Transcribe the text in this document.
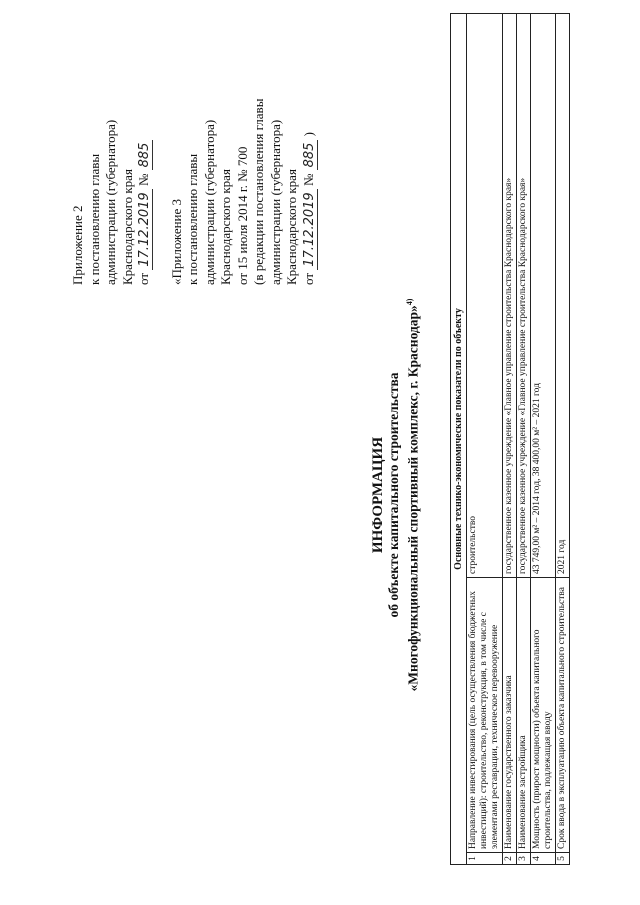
Приложение 2 к постановлению главы администрации (губернатора) Краснодарского края от 17.12.2019 № 885
«Приложение 3 к постановлению главы администрации (губернатора) Краснодарского края от 15 июля 2014 г. № 700 (в редакции постановления главы администрации (губернатора) Краснодарского края от 17.12.2019 № 885 )
ИНФОРМАЦИЯ об объекте капитального строительства «Многофункциональный спортивный комплекс, г. Краснодар»$^{4)}$
Основные технико-экономические показатели по объекту		
1	Направление инвестирования (цель осуществления бюджетных инвестиций): строительство, реконструкция, в том числе с элементами реставрации, техническое перевооружение	строительство
2	Наименование государственного заказчика	государственное казенное учреждение «Главное управление строительства Краснодарского края»
3	Наименование застройщика	государственное казенное учреждение «Главное управление строительства Краснодарского края»
4	Мощность (прирост мощности) объекта капитального строительства, подлежащая вводу	43 749,00 м² – 2014 год, 38 400,00 м² – 2021 год
5	Срок ввода в эксплуатацию объекта капитального строительства	2021 год
